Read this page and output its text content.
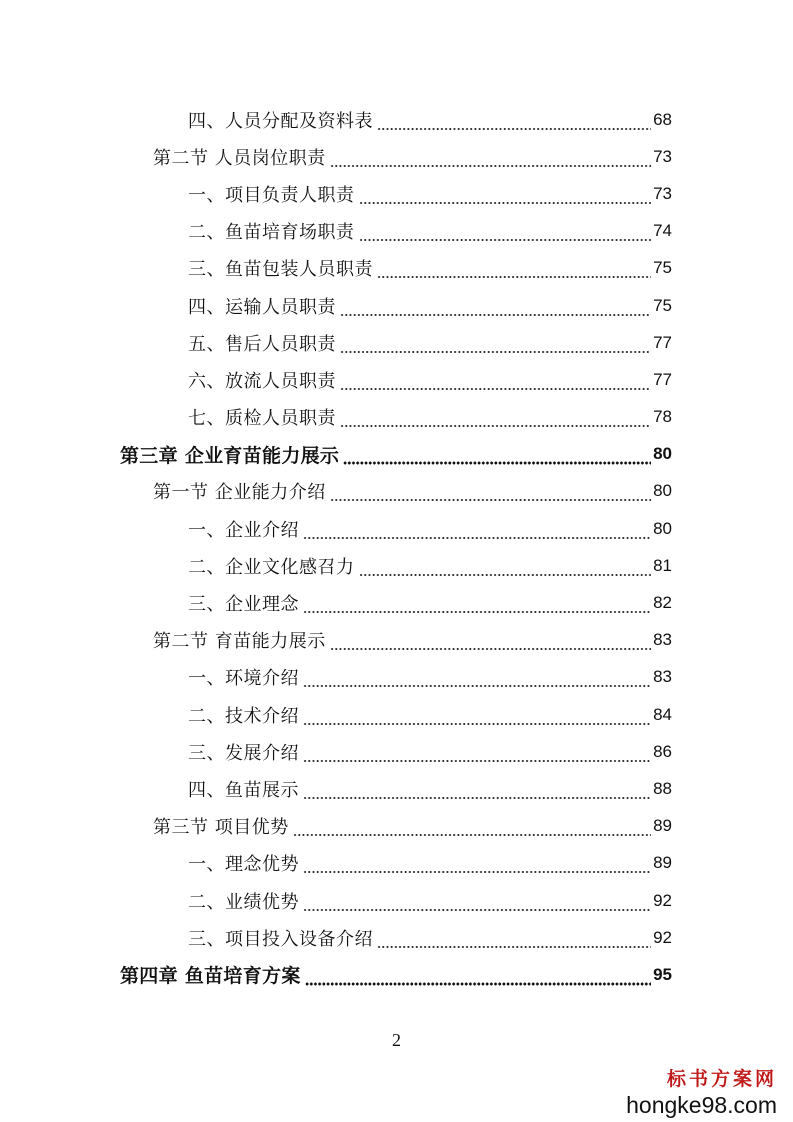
四、人员分配及资料表	68
第二节 人员岗位职责	73
一、项目负责人职责	73
二、鱼苗培育场职责	74
三、鱼苗包装人员职责	75
四、运输人员职责	75
五、售后人员职责	77
六、放流人员职责	77
七、质检人员职责	78
第三章 企业育苗能力展示	80
第一节 企业能力介绍	80
一、企业介绍	80
二、企业文化感召力	81
三、企业理念	82
第二节 育苗能力展示	83
一、环境介绍	83
二、技术介绍	84
三、发展介绍	86
四、鱼苗展示	88
第三节 项目优势	89
一、理念优势	89
二、业绩优势	92
三、项目投入设备介绍	92
第四章 鱼苗培育方案	95
2
标书方案网
hongke98.com
